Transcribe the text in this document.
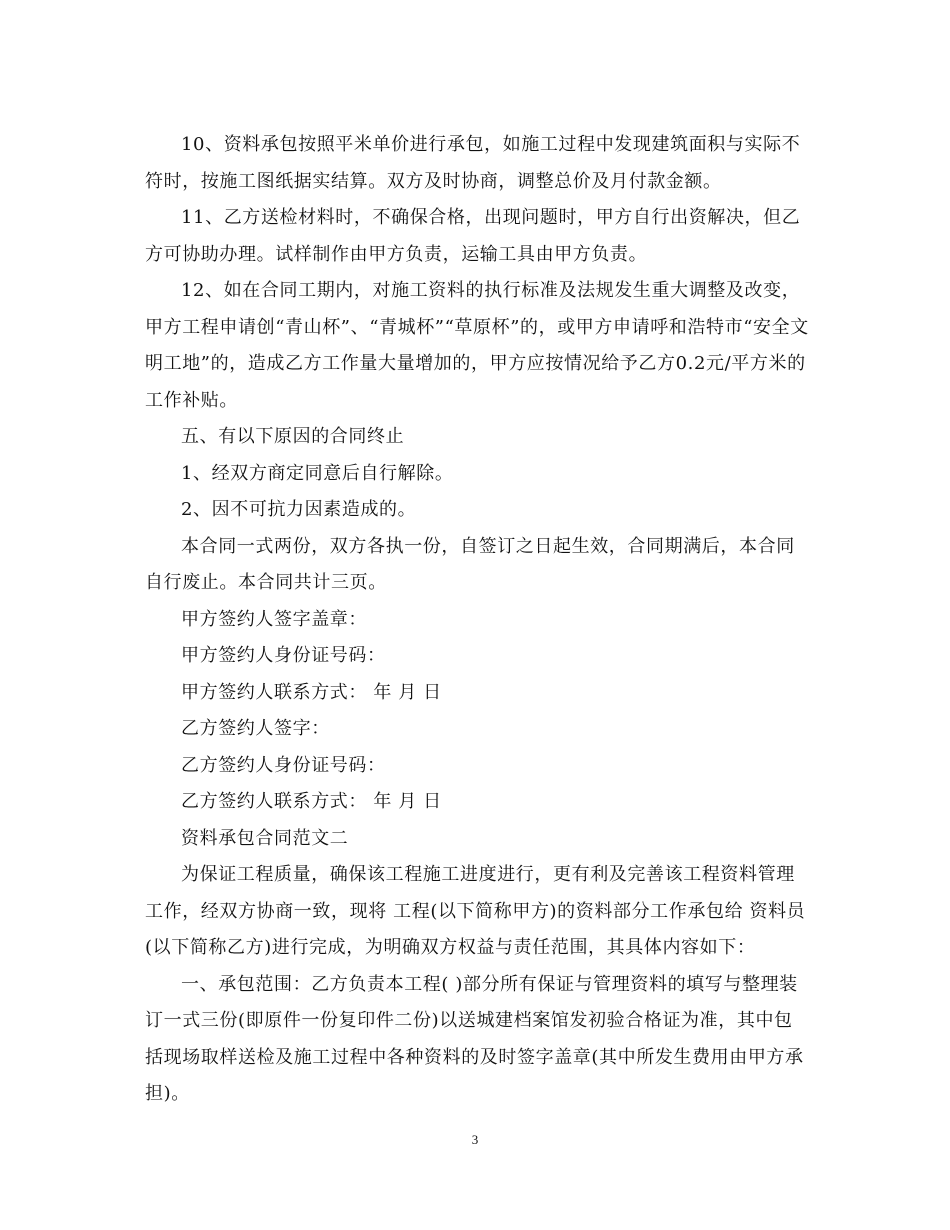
10、资料承包按照平米单价进行承包，如施工过程中发现建筑面积与实际不符时，按施工图纸据实结算。双方及时协商，调整总价及月付款金额。

11、乙方送检材料时，不确保合格，出现问题时，甲方自行出资解决，但乙方可协助办理。试样制作由甲方负责，运输工具由甲方负责。

12、如在合同工期内，对施工资料的执行标准及法规发生重大调整及改变，甲方工程申请创“青山杯”、“青城杯”“草原杯”的，或甲方申请呼和浩特市“安全文明工地”的，造成乙方工作量大量增加的，甲方应按情况给予乙方0.2元/平方米的工作补贴。

五、有以下原因的合同终止

1、经双方商定同意后自行解除。

2、因不可抗力因素造成的。

本合同一式两份，双方各执一份，自签订之日起生效，合同期满后，本合同自行废止。本合同共计三页。

甲方签约人签字盖章：

甲方签约人身份证号码：

甲方签约人联系方式： 年 月 日

乙方签约人签字：

乙方签约人身份证号码：

乙方签约人联系方式： 年 月 日

资料承包合同范文二

为保证工程质量，确保该工程施工进度进行，更有利及完善该工程资料管理工作，经双方协商一致，现将 工程(以下简称甲方)的资料部分工作承包给 资料员(以下简称乙方)进行完成，为明确双方权益与责任范围，其具体内容如下：

一、承包范围：乙方负责本工程( )部分所有保证与管理资料的填写与整理装订一式三份(即原件一份复印件二份)以送城建档案馆发初验合格证为准，其中包括现场取样送检及施工过程中各种资料的及时签字盖章(其中所发生费用由甲方承担)。

3
